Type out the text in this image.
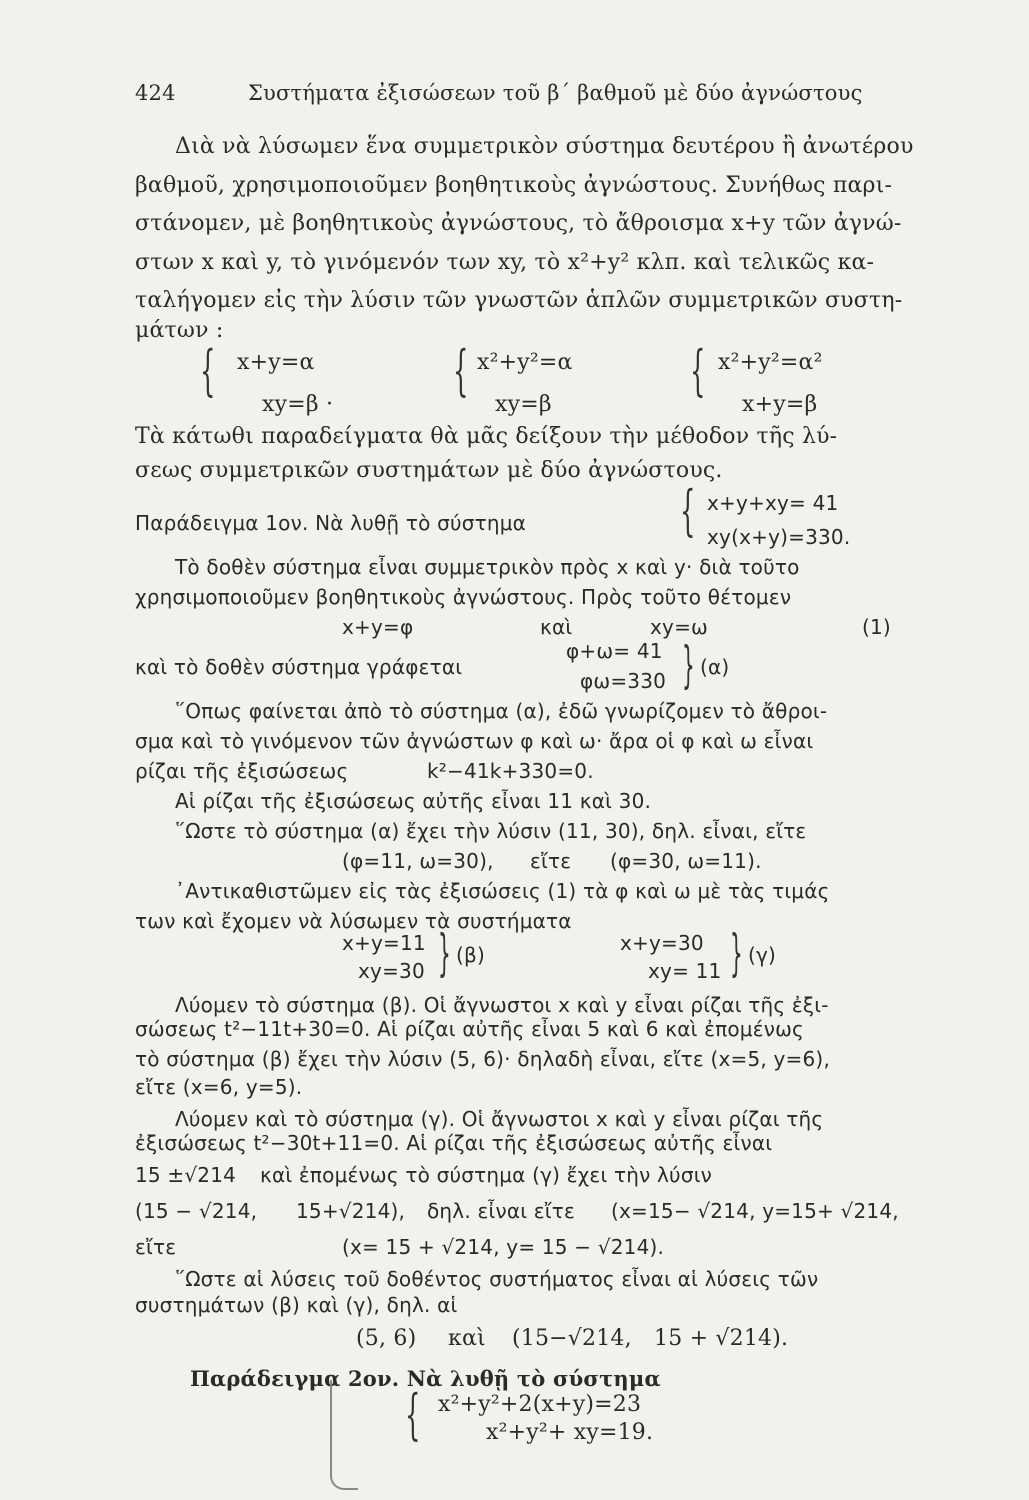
424	Συστήματα ἐξισώσεων τοῦ β΄ βαθμοῦ μὲ δύο ἀγνώστους
Διὰ νὰ λύσωμεν ἕνα συμμετρικὸν σύστημα δευτέρου ἢ ἀνωτέρου
βαθμοῦ, χρησιμοποιοῦμεν βοηθητικοὺς ἀγνώστους. Συνήθως παρι-
στάνομεν, μὲ βοηθητικοὺς ἀγνώστους, τὸ ἄθροισμα x+y τῶν ἀγνώ-
στων x καὶ y, τὸ γινόμενόν των xy, τὸ x²+y² κλπ. καὶ τελικῶς κα-
ταλήγομεν εἰς τὴν λύσιν τῶν γνωστῶν ἁπλῶν συμμετρικῶν συστη-
μάτων :
{ x+y=α
xy=β ·
{ x²+y²=α
xy=β
{ x²+y²=α²
x+y=β
Τὰ κάτωθι παραδείγματα θὰ μᾶς δείξουν τὴν μέθοδον τῆς λύ-
σεως συμμετρικῶν συστημάτων μὲ δύο ἀγνώστους.
Παράδειγμα 1ον. Νὰ λυθῇ τὸ σύστημα	{ x+y+xy= 41
xy(x+y)=330.
Τὸ δοθὲν σύστημα εἶναι συμμετρικὸν πρὸς x καὶ y· διὰ τοῦτο
χρησιμοποιοῦμεν βοηθητικοὺς ἀγνώστους. Πρὸς τοῦτο θέτομεν
x+y=φ	καὶ	xy=ω	(1)
καὶ τὸ δοθὲν σύστημα γράφεται
φ+ω= 41
φω=330 } (α)
῞Οπως φαίνεται ἀπὸ τὸ σύστημα (α), ἐδῶ γνωρίζομεν τὸ ἄθροι-
σμα καὶ τὸ γινόμενον τῶν ἀγνώστων φ καὶ ω· ἄρα οἱ φ καὶ ω εἶναι
ρίζαι τῆς ἐξισώσεως	k²−41k+330=0.
Αἱ ρίζαι τῆς ἐξισώσεως αὐτῆς εἶναι 11 καὶ 30.
῞Ωστε τὸ σύστημα (α) ἔχει τὴν λύσιν (11, 30), δηλ. εἶναι, εἴτε
(φ=11, ω=30), εἴτε (φ=30, ω=11).
᾿Αντικαθιστῶμεν εἰς τὰς ἐξισώσεις (1) τὰ φ καὶ ω μὲ τὰς τιμάς
των καὶ ἔχομεν νὰ λύσωμεν τὰ συστήματα
x+y=11
xy=30 } (β)	x+y=30
xy= 11 } (γ)
Λύομεν τὸ σύστημα (β). Οἱ ἄγνωστοι x καὶ y εἶναι ρίζαι τῆς ἐξι-
σώσεως t²−11t+30=0. Αἱ ρίζαι αὐτῆς εἶναι 5 καὶ 6 καὶ ἐπομένως
τὸ σύστημα (β) ἔχει τὴν λύσιν (5, 6)· δηλαδὴ εἶναι, εἴτε (x=5, y=6),
εἴτε (x=6, y=5).
Λύομεν καὶ τὸ σύστημα (γ). Οἱ ἄγνωστοι x καὶ y εἶναι ρίζαι τῆς
ἐξισώσεως t²−30t+11=0. Αἱ ρίζαι τῆς ἐξισώσεως αὐτῆς εἶναι
15 ±√214 καὶ ἐπομένως τὸ σύστημα (γ) ἔχει τὴν λύσιν
(15 − √214, 15+√214), δηλ. εἶναι εἴτε (x=15− √214, y=15+ √214,
εἴτε	(x= 15 + √214, y= 15 − √214).
῞Ωστε αἱ λύσεις τοῦ δοθέντος συστήματος εἶναι αἱ λύσεις τῶν
συστημάτων (β) καὶ (γ), δηλ. αἱ
(5, 6) καὶ (15−√214, 15 + √214).
Παράδειγμα 2ον. Νὰ λυθῇ τὸ σύστημα
{ x²+y²+2(x+y)=23
x²+y²+ xy=19.
